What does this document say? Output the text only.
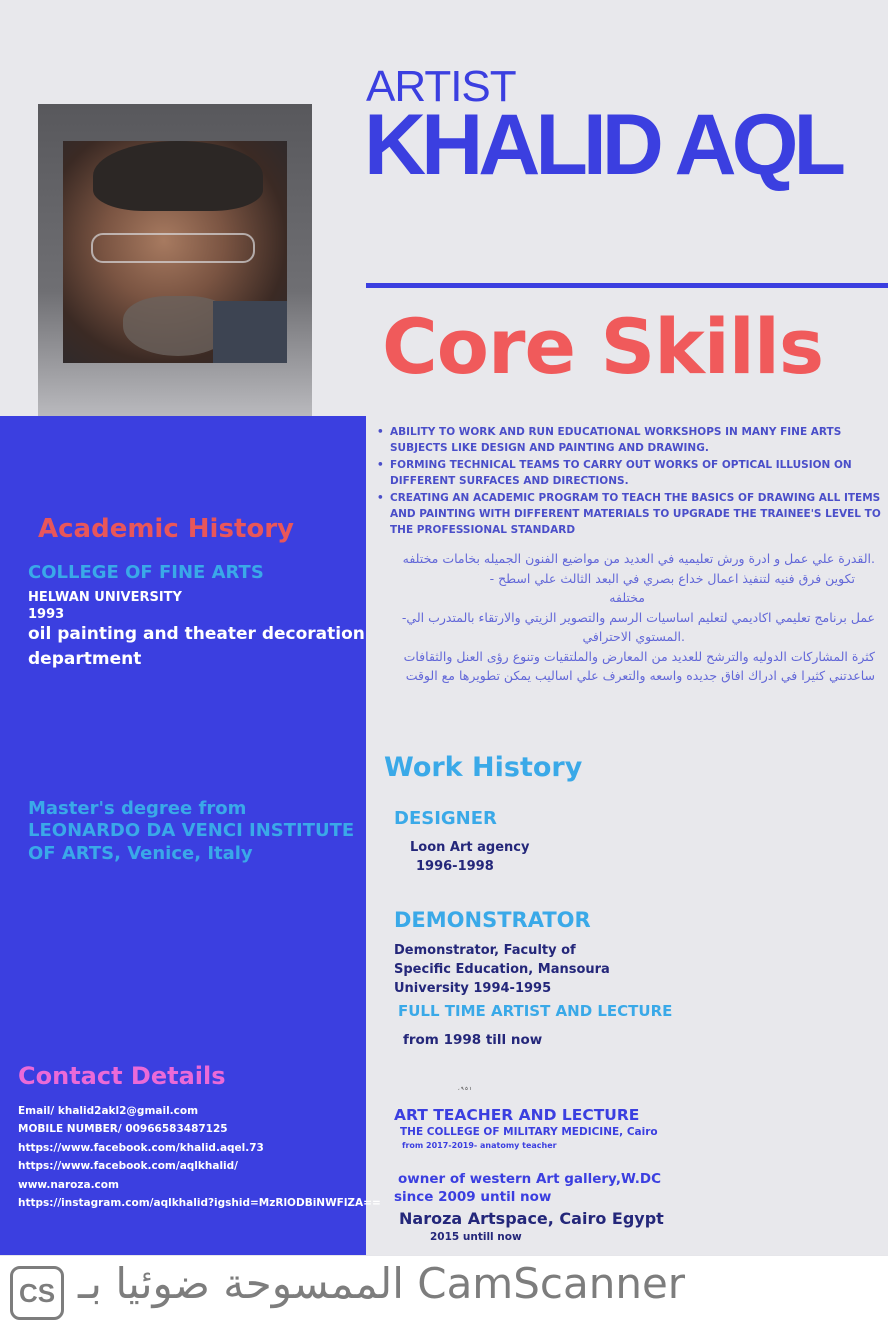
ARTIST
KHALID AQL
Core Skills
• ABILITY TO WORK AND RUN EDUCATIONAL WORKSHOPS IN MANY FINE ARTS SUBJECTS LIKE DESIGN AND PAINTING AND DRAWING.
• FORMING TECHNICAL TEAMS TO CARRY OUT WORKS OF OPTICAL ILLUSION ON DIFFERENT SURFACES AND DIRECTIONS.
• CREATING AN ACADEMIC PROGRAM TO TEACH THE BASICS OF DRAWING ALL ITEMS AND PAINTING WITH DIFFERENT MATERIALS TO UPGRADE THE TRAINEE'S LEVEL TO THE PROFESSIONAL STANDARD
.القدرة علي عمل و ادرة ورش تعليميه في العديد من مواضيع الفنون الجميله بخامات مختلفه
تكوين فرق فنيه لتنفيذ اعمال خداع بصري في البعد الثالث علي اسطح -
مختلفه
عمل برنامج تعليمي اكاديمي لتعليم اساسيات الرسم والتصوير الزيتي والارتقاء بالمتدرب الي-
.المستوي الاحترافي
كثرة المشاركات الدوليه والترشح للعديد من المعارض والملتقيات وتنوع رؤى العنل والثقافات
ساعدتني كثيرا في ادراك افاق جديده واسعه والتعرف علي اساليب يمكن تطويرها مع الوقت
Academic History
COLLEGE OF FINE ARTS
HELWAN UNIVERSITY
1993
oil painting and theater decoration
department
Master's degree from
LEONARDO DA VENCI INSTITUTE
OF ARTS, Venice, Italy
Contact Details
Email/ khalid2akl2@gmail.com
MOBILE NUMBER/ 00966583487125
https://www.facebook.com/khalid.aqel.73
https://www.facebook.com/aqlkhalid/
www.naroza.com
https://instagram.com/aqlkhalid?igshid=MzRlODBiNWFlZA==
Work History
DESIGNER
Loon Art agency
1996-1998
DEMONSTRATOR
Demonstrator, Faculty of
Specific Education, Mansoura
University 1994-1995
FULL TIME ARTIST AND LECTURE
from 1998 till now
، ١ ٥ ٩
ART TEACHER AND LECTURE
THE COLLEGE OF MILITARY MEDICINE, Cairo
from 2017-2019- anatomy teacher
owner of western Art gallery,W.DC
since 2009 until now
Naroza Artspace, Cairo Egypt
2015 untill now
CS الممسوحة ضوئيا بـ CamScanner
